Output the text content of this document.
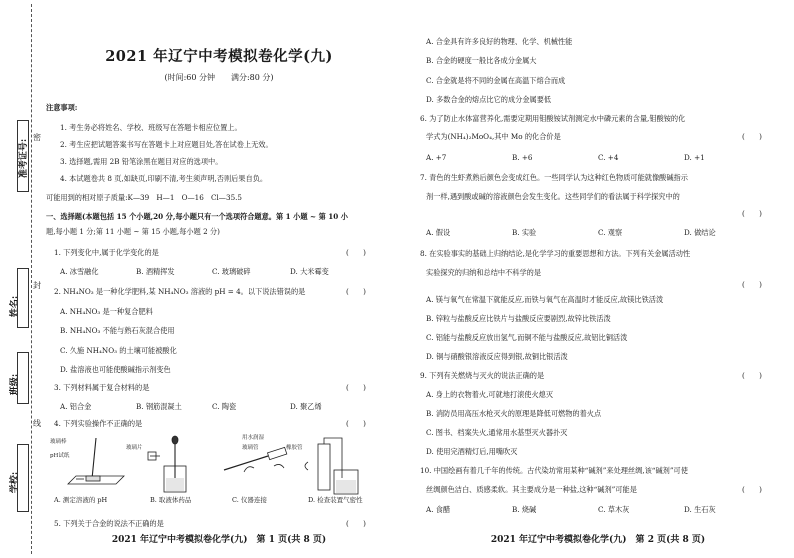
准考证号:
姓名:
班级:
学校:
密
封
线
2021 年辽宁中考模拟卷化学(九)
(时间:60 分钟　　满分:80 分)
注意事项:
1. 考生务必将姓名、学校、班级写在答题卡相应位置上。
2. 考生应把试题答案书写在答题卡上对应题目处,答在试卷上无效。
3. 选择题,需用 2B 铅笔涂黑在题目对应的选项中。
4. 本试题卷共 8 页,如缺页,印刷不清,考生须声明,否则后果自负。
可能用到的相对原子质量:K—39　H—1　O—16　Cl—35.5
一、选择题(本题包括 15 个小题,20 分,每小题只有一个选项符合题意。第 1 小题 ~ 第 10 小
题,每小题 1 分;第 11 小题 ~ 第 15 小题,每小题 2 分)
1. 下列变化中,属于化学变化的是	(　　)
A. 冰雪融化	B. 酒精挥发	C. 玻璃破碎	D. 大米霉变
2. NH₄NO₃ 是一种化学肥料,某 NH₄NO₃ 溶液的 pH = 4。以下说法错误的是	(　　)
A. NH₄NO₃ 是一种复合肥料
B. NH₄NO₃ 不能与熟石灰混合使用
C. 久施 NH₄NO₃ 的土壤可能被酸化
D. 盐溶液也可能使酸碱指示剂变色
3. 下列材料属于复合材料的是	(　　)
A. 铝合金	B. 钢筋混凝土	C. 陶瓷	D. 聚乙烯
4. 下列实验操作不正确的是	(　　)
玻璃棒
pH试纸
玻璃片
用水润湿
玻璃管	橡胶管
A. 测定溶液的 pH	B. 取液体药品	C. 仪器连接	D. 检查装置气密性
5. 下列关于合金的说法不正确的是	(　　)
2021 年辽宁中考模拟卷化学(九)　第 1 页(共 8 页)
A. 合金具有许多良好的物理、化学、机械性能
B. 合金的硬度一般比各成分金属大
C. 合金就是将不同的金属在高温下熔合而成
D. 多数合金的熔点比它的成分金属要低
6. 为了防止水体富营养化,需要定期用钼酸铵试剂测定水中磷元素的含量,钼酸铵的化
学式为(NH₄)₂MoO₄,其中 Mo 的化合价是	(　　)
A. +7	B. +6	C. +4	D. +1
7. 青色的生虾煮熟后颜色会变成红色。一些同学认为这种红色物质可能就像酸碱指示
剂一样,遇到酸或碱的溶液颜色会发生变化。这些同学们的看法属于科学探究中的
(　　)
A. 假设	B. 实验	C. 观察	D. 做结论
8. 在实验事实的基础上归纳结论,是化学学习的重要思想和方法。下列有关金属活动性
实验探究的归纳和总结中不科学的是
(　　)
A. 镁与氧气在常温下就能反应,而铁与氧气在高温时才能反应,故镁比铁活泼
B. 锌粒与盐酸反应比铁片与盐酸反应要剧烈,故锌比铁活泼
C. 铝能与盐酸反应放出氢气,而铜不能与盐酸反应,故铝比铜活泼
D. 铜与硝酸银溶液反应得到银,故铜比银活泼
9. 下列有关燃烧与灭火的说法正确的是	(　　)
A. 身上的衣物着火,可就地打滚使火熄灭
B. 消防员用高压水枪灭火的原理是降低可燃物的着火点
C. 图书、档案失火,通常用水基型灭火器扑灭
D. 使用完酒精灯后,用嘴吹灭
10. 中国绘画有着几千年的传统。古代染坊常用某种“碱剂”来处理丝绸,该“碱剂”可使
丝绸颜色洁白、质感柔软。其主要成分是一种盐,这种“碱剂”可能是	(　　)
A. 食醋	B. 烧碱	C. 草木灰	D. 生石灰
2021 年辽宁中考模拟卷化学(九)　第 2 页(共 8 页)
